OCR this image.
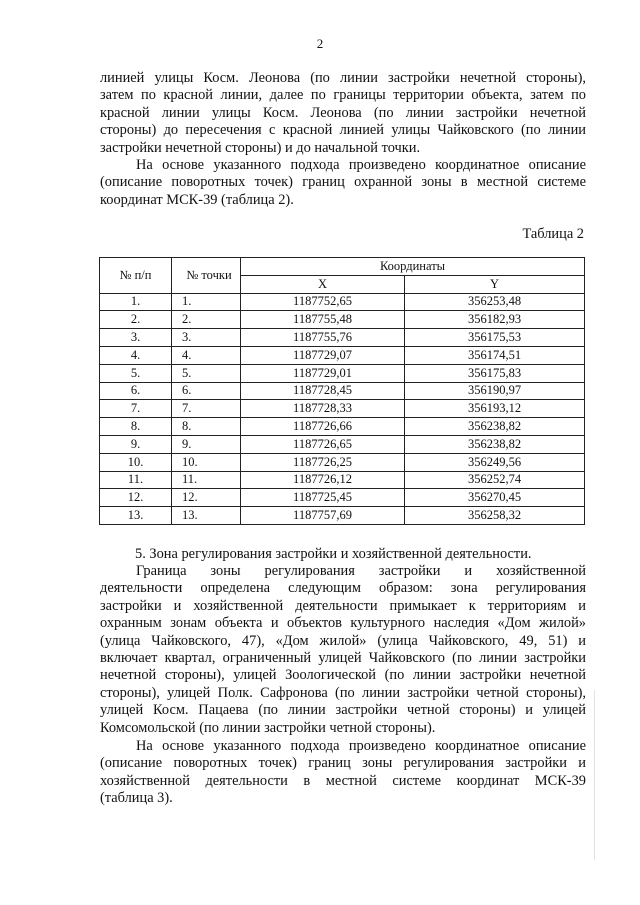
2

линией улицы Косм. Леонова (по линии застройки нечетной стороны),
затем по красной линии, далее по границы территории объекта, затем по
красной линии улицы Косм. Леонова (по линии застройки нечетной
стороны) до пересечения с красной линией улицы Чайковского (по линии
застройки нечетной стороны) и до начальной точки.

На основе указанного подхода произведено координатное описание
(описание поворотных точек) границ охранной зоны в местной системе
координат МСК-39 (таблица 2).

Таблица 2
№ п/п	№ точки	Координаты	
		X	Y
1.	1.	1187752,65	356253,48
2.	2.	1187755,48	356182,93
3.	3.	1187755,76	356175,53
4.	4.	1187729,07	356174,51
5.	5.	1187729,01	356175,83
6.	6.	1187728,45	356190,97
7.	7.	1187728,33	356193,12
8.	8.	1187726,66	356238,82
9.	9.	1187726,65	356238,82
10.	10.	1187726,25	356249,56
11.	11.	1187726,12	356252,74
12.	12.	1187725,45	356270,45
13.	13.	1187757,69	356258,32
5. Зона регулирования застройки и хозяйственной деятельности.

Граница зоны регулирования застройки и хозяйственной
деятельности определена следующим образом: зона регулирования
застройки и хозяйственной деятельности примыкает к территориям и
охранным зонам объекта и объектов культурного наследия «Дом жилой»
(улица Чайковского, 47), «Дом жилой» (улица Чайковского, 49, 51) и
включает квартал, ограниченный улицей Чайковского (по линии застройки
нечетной стороны), улицей Зоологической (по линии застройки нечетной
стороны), улицей Полк. Сафронова (по линии застройки четной стороны),
улицей Косм. Пацаева (по линии застройки четной стороны) и улицей
Комсомольской (по линии застройки четной стороны).

На основе указанного подхода произведено координатное описание
(описание поворотных точек) границ зоны регулирования застройки и
хозяйственной деятельности в местной системе координат МСК-39
(таблица 3).
